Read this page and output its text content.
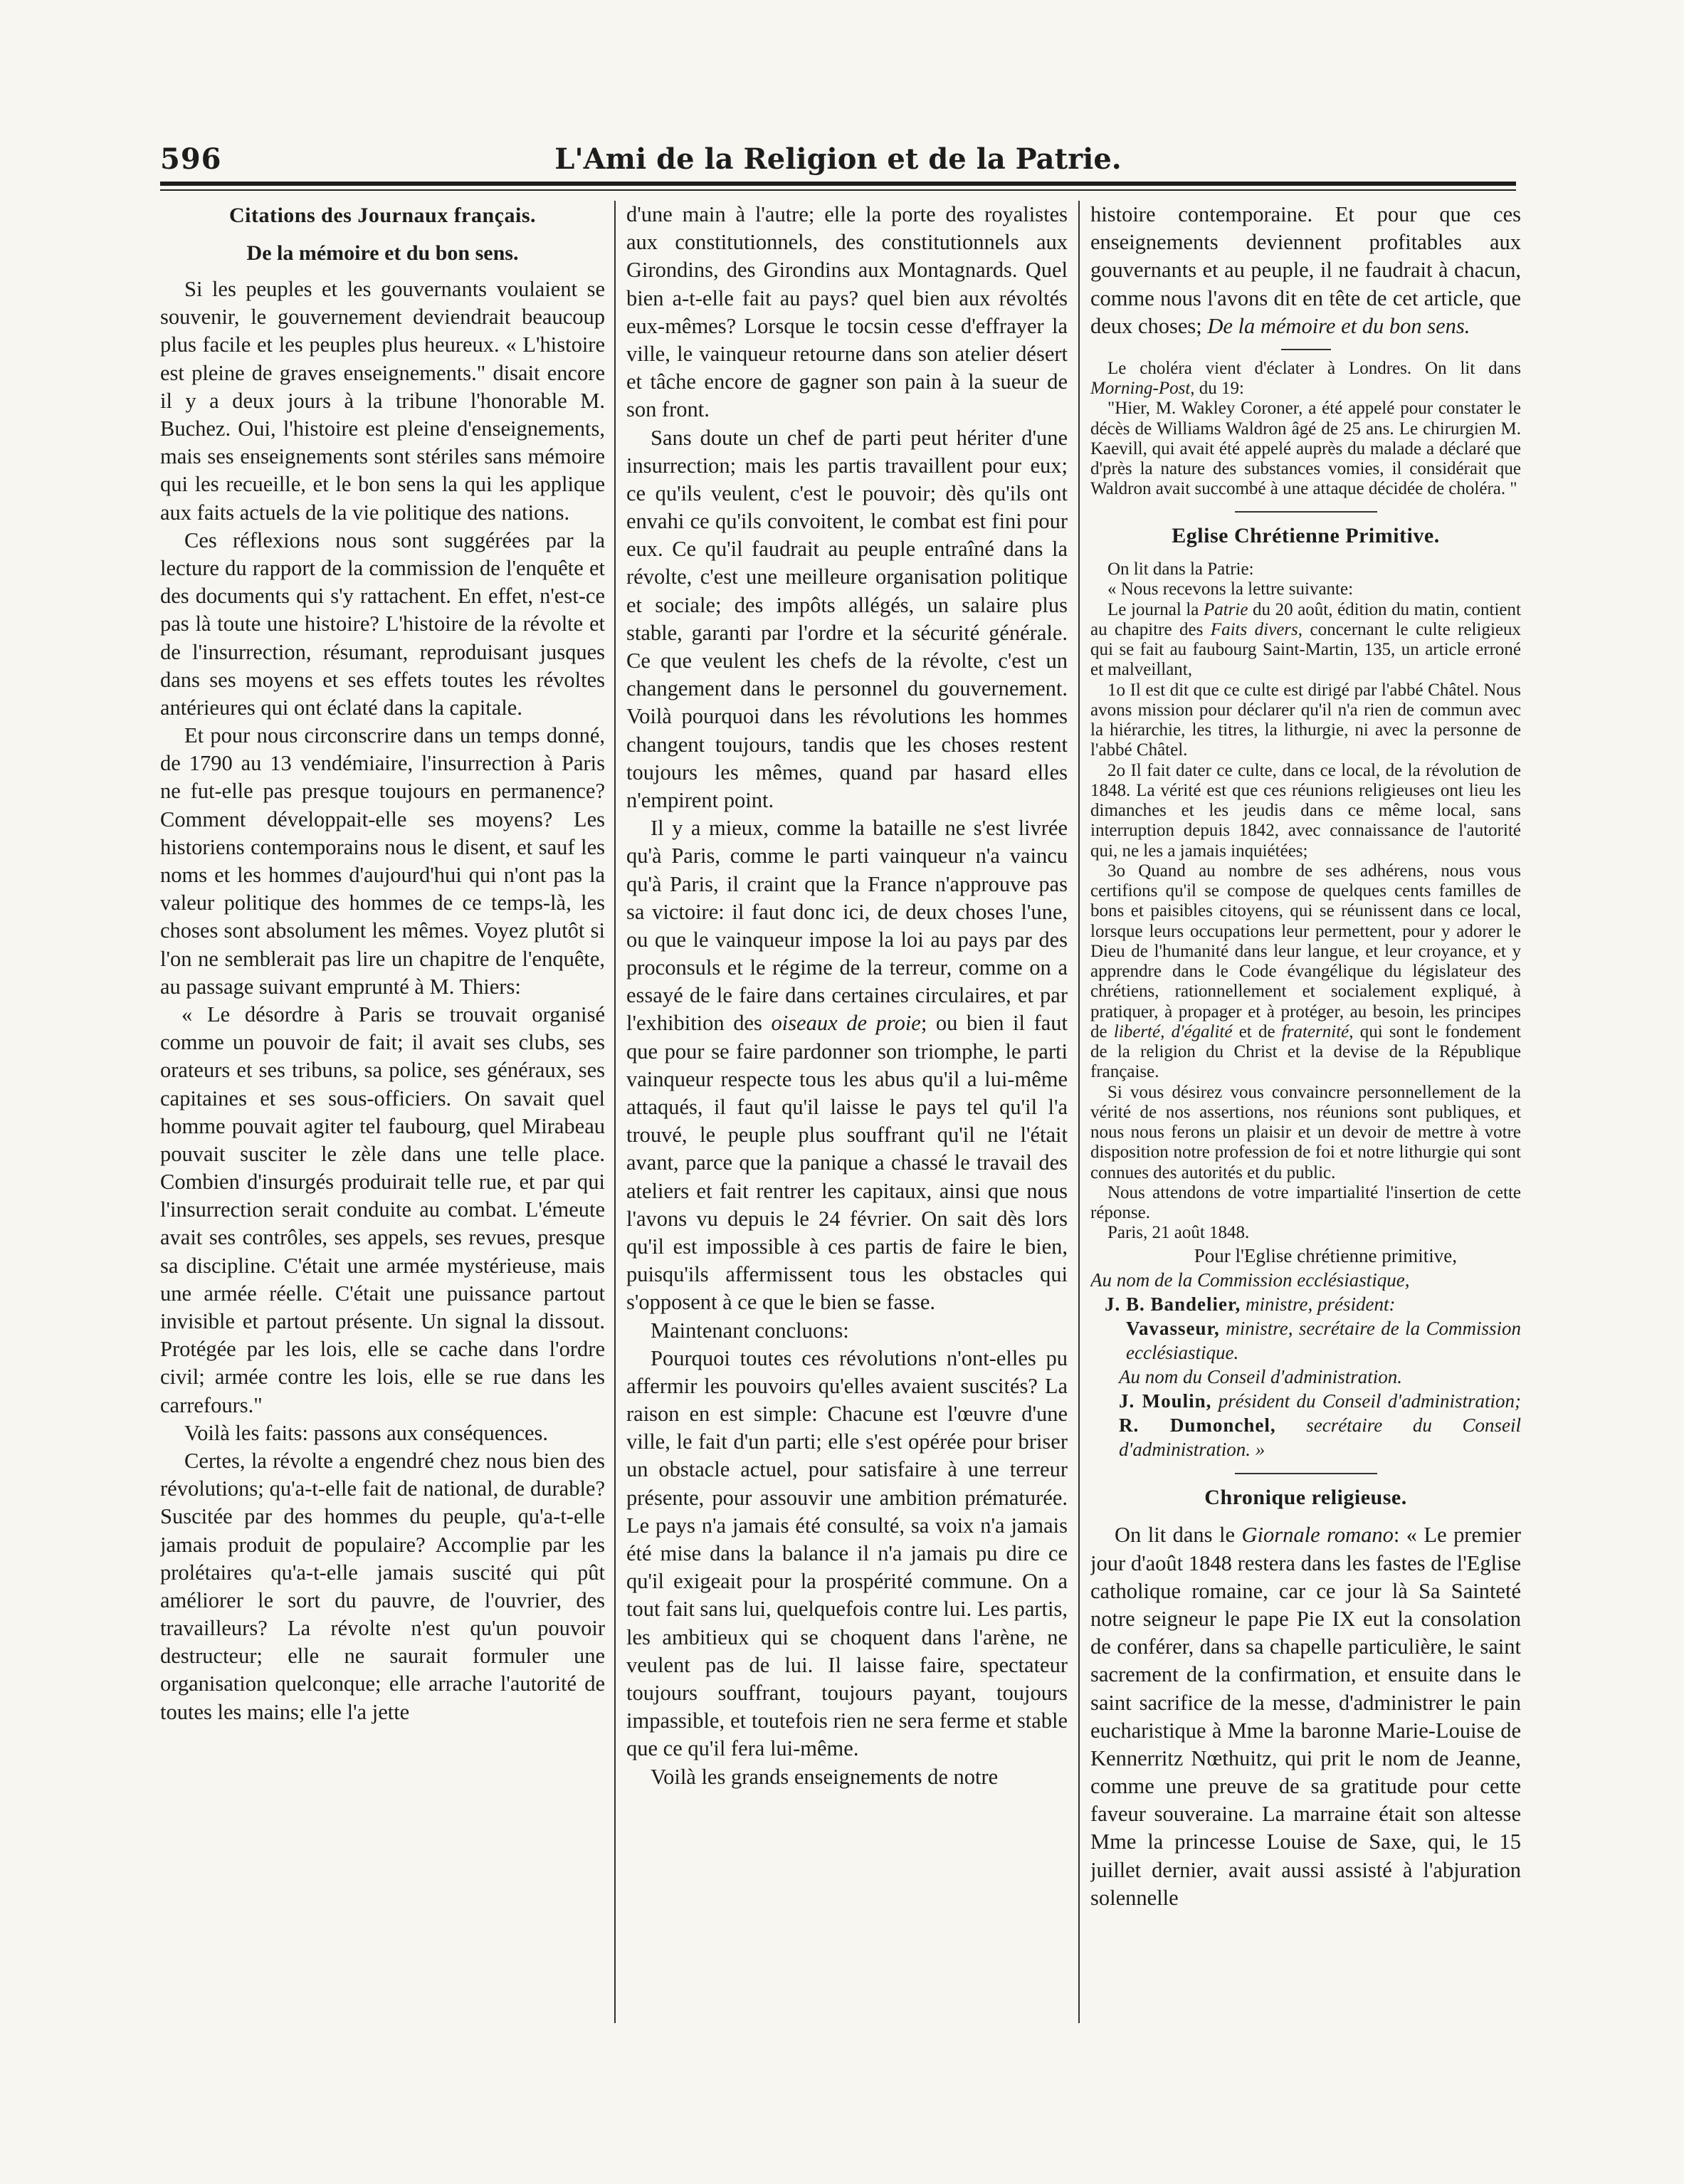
596	L'Ami de la Religion et de la Patrie.
Citations des Journaux français.
De la mémoire et du bon sens.

Si les peuples et les gouvernants voulaient se souvenir, le gouvernement deviendrait beaucoup plus facile et les peuples plus heureux. « L'histoire est pleine de graves enseignements." disait encore il y a deux jours à la tribune l'honorable M. Buchez. Oui, l'histoire est pleine d'enseignements, mais ses enseignements sont stériles sans mémoire qui les recueille, et le bon sens la qui les applique aux faits actuels de la vie politique des nations.

Ces réflexions nous sont suggérées par la lecture du rapport de la commission de l'enquête et des documents qui s'y rattachent. En effet, n'est-ce pas là toute une histoire? L'histoire de la révolte et de l'insurrection, résumant, reproduisant jusques dans ses moyens et ses effets toutes les révoltes antérieures qui ont éclaté dans la capitale.

Et pour nous circonscrire dans un temps donné, de 1790 au 13 vendémiaire, l'insurrection à Paris ne fut-elle pas presque toujours en permanence? Comment développait-elle ses moyens? Les historiens contemporains nous le disent, et sauf les noms et les hommes d'aujourd'hui qui n'ont pas la valeur politique des hommes de ce temps-là, les choses sont absolument les mêmes. Voyez plutôt si l'on ne semblerait pas lire un chapitre de l'enquête, au passage suivant emprunté à M. Thiers:

« Le désordre à Paris se trouvait organisé comme un pouvoir de fait; il avait ses clubs, ses orateurs et ses tribuns, sa police, ses généraux, ses capitaines et ses sous-officiers. On savait quel homme pouvait agiter tel faubourg, quel Mirabeau pouvait susciter le zèle dans une telle place. Combien d'insurgés produirait telle rue, et par qui l'insurrection serait conduite au combat. L'émeute avait ses contrôles, ses appels, ses revues, presque sa discipline. C'était une armée mystérieuse, mais une armée réelle. C'était une puissance partout invisible et partout présente. Un signal la dissout. Protégée par les lois, elle se cache dans l'ordre civil; armée contre les lois, elle se rue dans les carrefours."

Voilà les faits: passons aux conséquences.

Certes, la révolte a engendré chez nous bien des révolutions; qu'a-t-elle fait de national, de durable? Suscitée par des hommes du peuple, qu'a-t-elle jamais produit de populaire? Accomplie par les prolétaires qu'a-t-elle jamais suscité qui pût améliorer le sort du pauvre, de l'ouvrier, des travailleurs? La révolte n'est qu'un pouvoir destructeur; elle ne saurait formuler une organisation quelconque; elle arrache l'autorité de toutes les mains; elle l'a jette

d'une main à l'autre; elle la porte des royalistes aux constitutionnels, des constitutionnels aux Girondins, des Girondins aux Montagnards. Quel bien a-t-elle fait au pays? quel bien aux révoltés eux-mêmes? Lorsque le tocsin cesse d'effrayer la ville, le vainqueur retourne dans son atelier désert et tâche encore de gagner son pain à la sueur de son front.

Sans doute un chef de parti peut hériter d'une insurrection; mais les partis travaillent pour eux; ce qu'ils veulent, c'est le pouvoir; dès qu'ils ont envahi ce qu'ils convoitent, le combat est fini pour eux. Ce qu'il faudrait au peuple entraîné dans la révolte, c'est une meilleure organisation politique et sociale; des impôts allégés, un salaire plus stable, garanti par l'ordre et la sécurité générale. Ce que veulent les chefs de la révolte, c'est un changement dans le personnel du gouvernement. Voilà pourquoi dans les révolutions les hommes changent toujours, tandis que les choses restent toujours les mêmes, quand par hasard elles n'empirent point.

Il y a mieux, comme la bataille ne s'est livrée qu'à Paris, comme le parti vainqueur n'a vaincu qu'à Paris, il craint que la France n'approuve pas sa victoire: il faut donc ici, de deux choses l'une, ou que le vainqueur impose la loi au pays par des proconsuls et le régime de la terreur, comme on a essayé de le faire dans certaines circulaires, et par l'exhibition des oiseaux de proie; ou bien il faut que pour se faire pardonner son triomphe, le parti vainqueur respecte tous les abus qu'il a lui-même attaqués, il faut qu'il laisse le pays tel qu'il l'a trouvé, le peuple plus souffrant qu'il ne l'était avant, parce que la panique a chassé le travail des ateliers et fait rentrer les capitaux, ainsi que nous l'avons vu depuis le 24 février. On sait dès lors qu'il est impossible à ces partis de faire le bien, puisqu'ils affermissent tous les obstacles qui s'opposent à ce que le bien se fasse.

Maintenant concluons:

Pourquoi toutes ces révolutions n'ont-elles pu affermir les pouvoirs qu'elles avaient suscités? La raison en est simple: Chacune est l'œuvre d'une ville, le fait d'un parti; elle s'est opérée pour briser un obstacle actuel, pour satisfaire à une terreur présente, pour assouvir une ambition prématurée. Le pays n'a jamais été consulté, sa voix n'a jamais été mise dans la balance il n'a jamais pu dire ce qu'il exigeait pour la prospérité commune. On a tout fait sans lui, quelquefois contre lui. Les partis, les ambitieux qui se choquent dans l'arène, ne veulent pas de lui. Il laisse faire, spectateur toujours souffrant, toujours payant, toujours impassible, et toutefois rien ne sera ferme et stable que ce qu'il fera lui-même.

Voilà les grands enseignements de notre

histoire contemporaine. Et pour que ces enseignements deviennent profitables aux gouvernants et au peuple, il ne faudrait à chacun, comme nous l'avons dit en tête de cet article, que deux choses; De la mémoire et du bon sens.

Le choléra vient d'éclater à Londres. On lit dans Morning-Post, du 19:

"Hier, M. Wakley Coroner, a été appelé pour constater le décès de Williams Waldron âgé de 25 ans. Le chirurgien M. Kaevill, qui avait été appelé auprès du malade a déclaré que d'près la nature des substances vomies, il considérait que Waldron avait succombé à une attaque décidée de choléra. "

Eglise Chrétienne Primitive.

On lit dans la Patrie:

« Nous recevons la lettre suivante:

Le journal la Patrie du 20 août, édition du matin, contient au chapitre des Faits divers, concernant le culte religieux qui se fait au faubourg Saint-Martin, 135, un article erroné et malveillant,

1o Il est dit que ce culte est dirigé par l'abbé Châtel. Nous avons mission pour déclarer qu'il n'a rien de commun avec la hiérarchie, les titres, la lithurgie, ni avec la personne de l'abbé Châtel.

2o Il fait dater ce culte, dans ce local, de la révolution de 1848. La vérité est que ces réunions religieuses ont lieu les dimanches et les jeudis dans ce même local, sans interruption depuis 1842, avec connaissance de l'autorité qui, ne les a jamais inquiétées;

3o Quand au nombre de ses adhérens, nous vous certifions qu'il se compose de quelques cents familles de bons et paisibles citoyens, qui se réunissent dans ce local, lorsque leurs occupations leur permettent, pour y adorer le Dieu de l'humanité dans leur langue, et leur croyance, et y apprendre dans le Code évangélique du législateur des chrétiens, rationnellement et socialement expliqué, à pratiquer, à propager et à protéger, au besoin, les principes de liberté, d'égalité et de fraternité, qui sont le fondement de la religion du Christ et la devise de la République française.

Si vous désirez vous convaincre personnellement de la vérité de nos assertions, nos réunions sont publiques, et nous nous ferons un plaisir et un devoir de mettre à votre disposition notre profession de foi et notre lithurgie qui sont connues des autorités et du public.

Nous attendons de votre impartialité l'insertion de cette réponse.

Paris, 21 août 1848.

Pour l'Eglise chrétienne primitive,

Au nom de la Commission ecclésiastique,

J. B. Bandelier, ministre, président:

Vavasseur, ministre, secrétaire de la Commission ecclésiastique.

Au nom du Conseil d'administration.

J. Moulin, président du Conseil d'administration; R. Dumonchel, secrétaire du Conseil d'administration. »

Chronique religieuse.

On lit dans le Giornale romano: « Le premier jour d'août 1848 restera dans les fastes de l'Eglise catholique romaine, car ce jour là Sa Sainteté notre seigneur le pape Pie IX eut la consolation de conférer, dans sa chapelle particulière, le saint sacrement de la confirmation, et ensuite dans le saint sacrifice de la messe, d'administrer le pain eucharistique à Mme la baronne Marie-Louise de Kennerritz Nœthuitz, qui prit le nom de Jeanne, comme une preuve de sa gratitude pour cette faveur souveraine. La marraine était son altesse Mme la princesse Louise de Saxe, qui, le 15 juillet dernier, avait aussi assisté à l'abjuration solennelle
